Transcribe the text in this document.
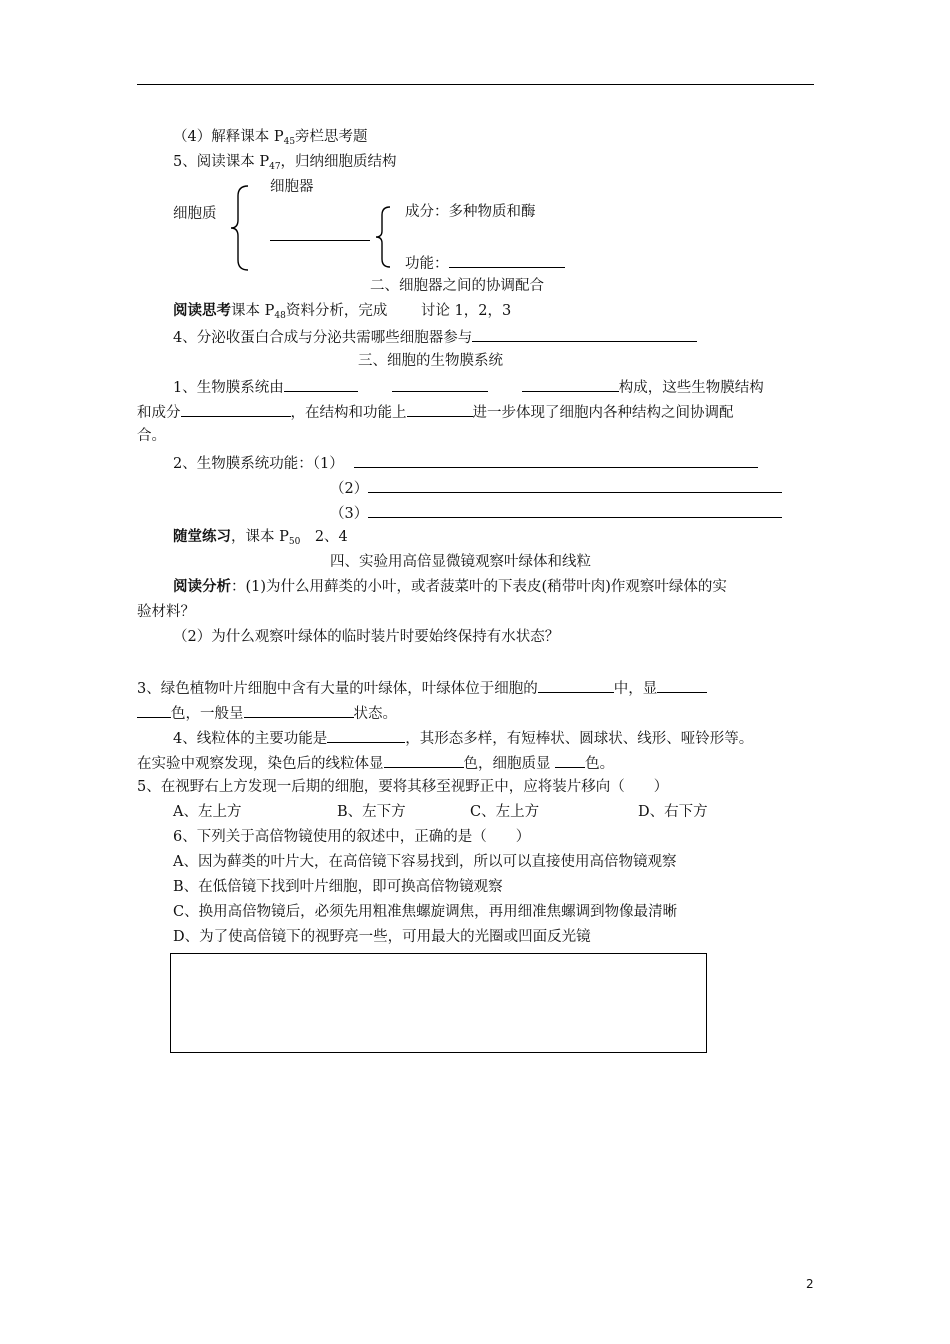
（4）解释课本 $P_{45}$旁栏思考题
5、阅读课本 $P_{47}$，归纳细胞质结构
细胞器
细胞质	成分：多种物质和酶
功能：
二、细胞器之间的协调配合
阅读思考课本 $P_{48}$资料分析，完成 　　讨论 1，2，3
4、分泌收蛋白合成与分泌共需哪些细胞器参与
三、细胞的生物膜系统
1、生物膜系统由	构成，这些生物膜结构
和成分	，在结构和功能上	进一步体现了细胞内各种结构之间协调配
合。
2、生物膜系统功能：（1）
（2）
（3）
随堂练习，课本 $P_{50}$　2、4
四、实验用高倍显微镜观察叶绿体和线粒
阅读分析：(1)为什么用藓类的小叶，或者菠菜叶的下表皮(稍带叶肉)作观察叶绿体的实
验材料？
（2）为什么观察叶绿体的临时装片时要始终保持有水状态？
3、绿色植物叶片细胞中含有大量的叶绿体，叶绿体位于细胞的	中，显
色，一般呈	状态。
4、线粒体的主要功能是	，其形态多样，有短棒状、圆球状、线形、哑铃形等。
在实验中观察发现，染色后的线粒体显	色，细胞质显 色。
5、在视野右上方发现一后期的细胞，要将其移至视野正中，应将装片移向（　　）
A、左上方	B、左下方	C、左上方	D、右下方
6、下列关于高倍物镜使用的叙述中，正确的是（　　）
A、因为藓类的叶片大，在高倍镜下容易找到，所以可以直接使用高倍物镜观察
B、在低倍镜下找到叶片细胞，即可换高倍物镜观察
C、换用高倍物镜后，必须先用粗准焦螺旋调焦，再用细准焦螺调到物像最清晰
D、为了使高倍镜下的视野亮一些，可用最大的光圈或凹面反光镜
2
